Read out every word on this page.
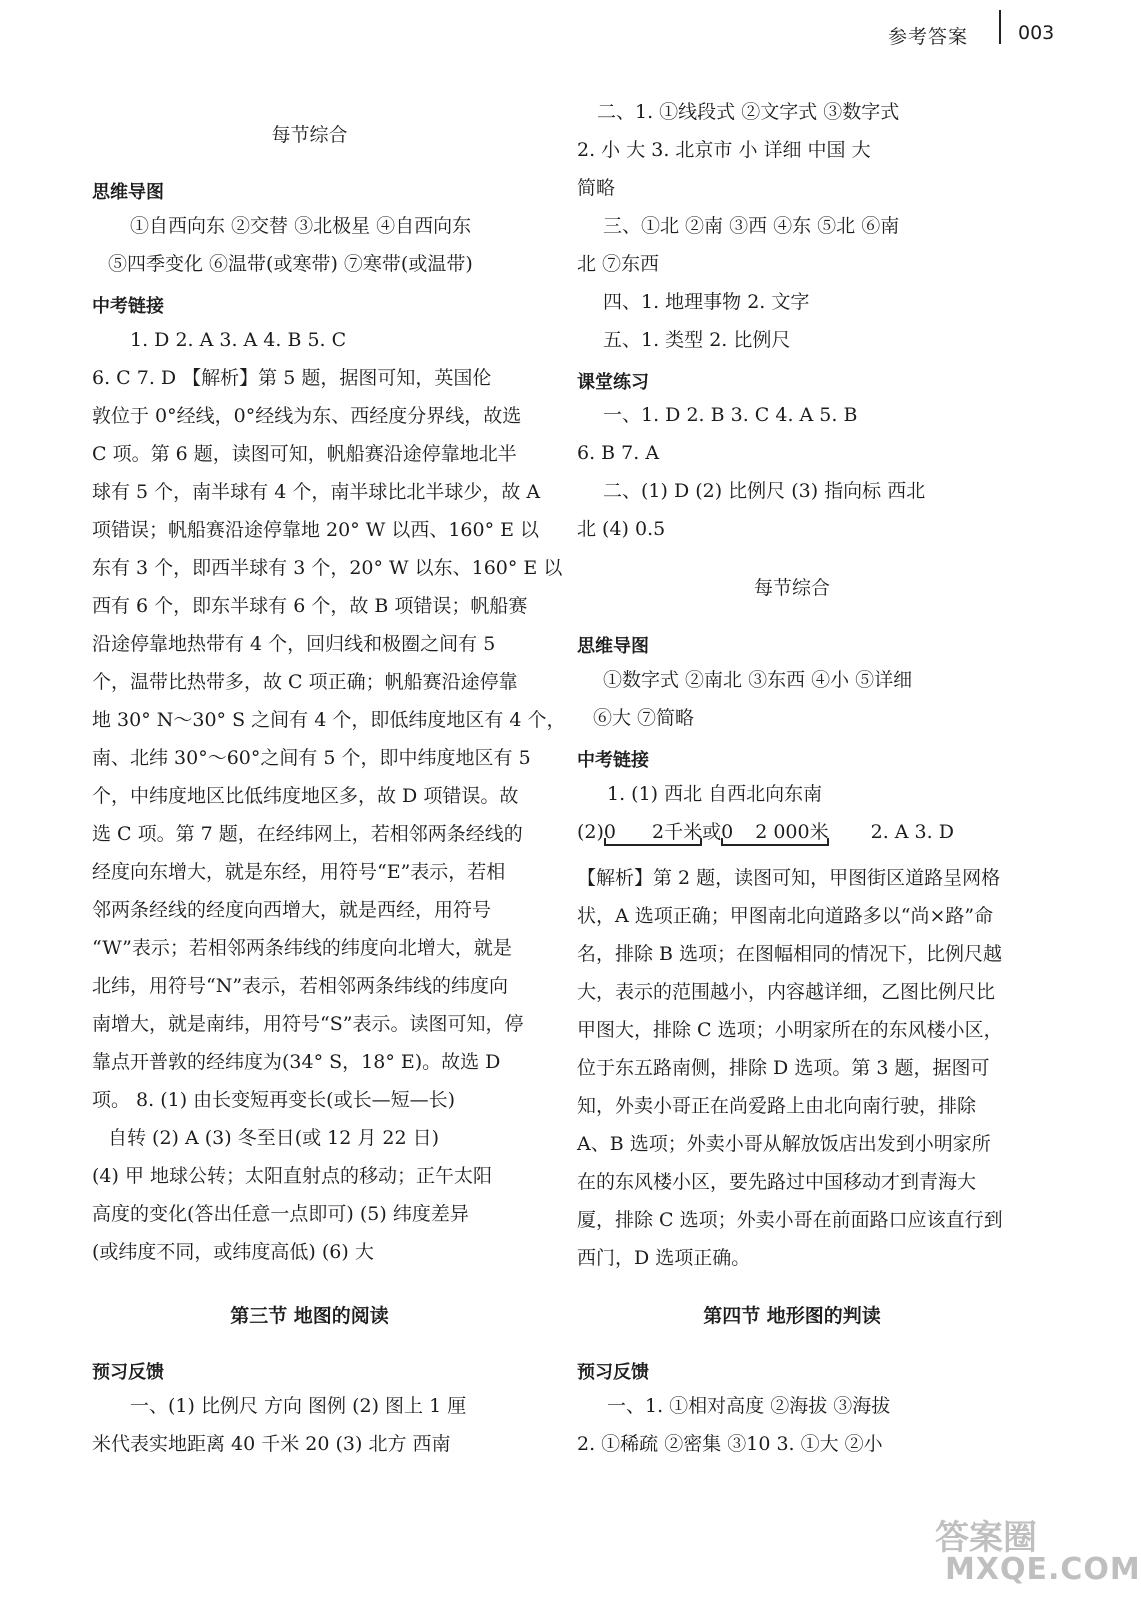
参考答案	003
每节综合
思维导图
①自西向东 ②交替 ③北极星 ④自西向东
⑤四季变化 ⑥温带(或寒带) ⑦寒带(或温带)
中考链接
1. D 2. A 3. A 4. B 5. C
6. C 7. D 【解析】第 5 题，据图可知，英国伦
敦位于 0°经线，0°经线为东、西经度分界线，故选
C 项。第 6 题，读图可知，帆船赛沿途停靠地北半
球有 5 个，南半球有 4 个，南半球比北半球少，故 A
项错误；帆船赛沿途停靠地 20° W 以西、160° E 以
东有 3 个，即西半球有 3 个，20° W 以东、160° E 以
西有 6 个，即东半球有 6 个，故 B 项错误；帆船赛
沿途停靠地热带有 4 个，回归线和极圈之间有 5
个，温带比热带多，故 C 项正确；帆船赛沿途停靠
地 30° N～30° S 之间有 4 个，即低纬度地区有 4 个，
南、北纬 30°～60°之间有 5 个，即中纬度地区有 5
个，中纬度地区比低纬度地区多，故 D 项错误。故
选 C 项。第 7 题，在经纬网上，若相邻两条经线的
经度向东增大，就是东经，用符号“E”表示，若相
邻两条经线的经度向西增大，就是西经，用符号
“W”表示；若相邻两条纬线的纬度向北增大，就是
北纬，用符号“N”表示，若相邻两条纬线的纬度向
南增大，就是南纬，用符号“S”表示。读图可知，停
靠点开普敦的经纬度为(34° S，18° E)。故选 D
项。 8. (1) 由长变短再变长(或长—短—长)
自转 (2) A (3) 冬至日(或 12 月 22 日)
(4) 甲 地球公转；太阳直射点的移动；正午太阳
高度的变化(答出任意一点即可) (5) 纬度差异
(或纬度不同，或纬度高低) (6) 大
第三节 地图的阅读
预习反馈
一、(1) 比例尺 方向 图例 (2) 图上 1 厘
米代表实地距离 40 千米 20 (3) 北方 西南
二、1. ①线段式 ②文字式 ③数字式
2. 小 大 3. 北京市 小 详细 中国 大
简略
三、①北 ②南 ③西 ④东 ⑤北 ⑥南
北 ⑦东西
四、1. 地理事物 2. 文字
五、1. 类型 2. 比例尺
课堂练习
一、1. D 2. B 3. C 4. A 5. B
6. B 7. A
二、(1) D (2) 比例尺 (3) 指向标 西北
北 (4) 0.5
每节综合
思维导图
①数字式 ②南北 ③东西 ④小 ⑤详细
⑥大 ⑦简略
中考链接
1. (1) 西北 自西北向东南
(2)0 2千米或0 2 000米 2. A 3. D
【解析】第 2 题，读图可知，甲图街区道路呈网格
状，A 选项正确；甲图南北向道路多以“尚×路”命
名，排除 B 选项；在图幅相同的情况下，比例尺越
大，表示的范围越小，内容越详细，乙图比例尺比
甲图大，排除 C 选项；小明家所在的东风楼小区，
位于东五路南侧，排除 D 选项。第 3 题，据图可
知，外卖小哥正在尚爱路上由北向南行驶，排除
A、B 选项；外卖小哥从解放饭店出发到小明家所
在的东风楼小区，要先路过中国移动才到青海大
厦，排除 C 选项；外卖小哥在前面路口应该直行到
西门，D 选项正确。
第四节 地形图的判读
预习反馈
一、1. ①相对高度 ②海拔 ③海拔
2. ①稀疏 ②密集 ③10 3. ①大 ②小
答案圈
MXQE.COM
